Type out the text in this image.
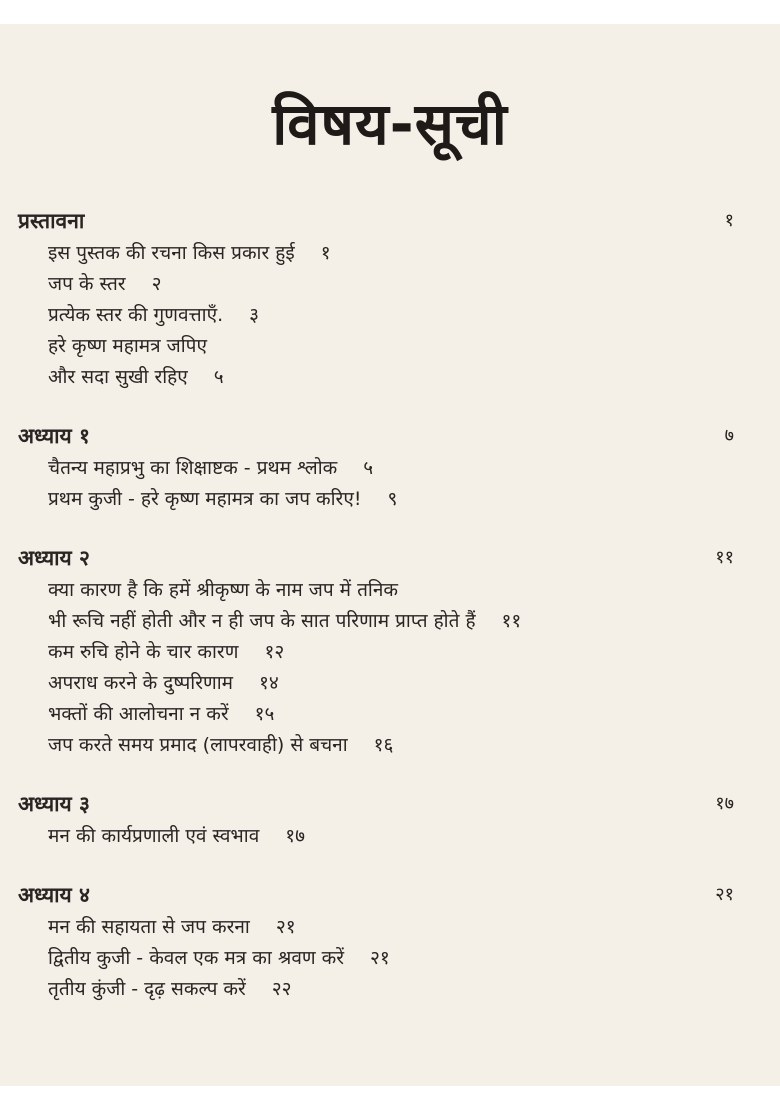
विषय-सूची
प्रस्तावना	१
इस पुस्तक की रचना किस प्रकार हुई १
जप के स्तर २
प्रत्येक स्तर की गुणवत्ताएँ. ३
हरे कृष्ण महामत्र जपिए
और सदा सुखी रहिए ५
अध्याय १	७
चैतन्य महाप्रभु का शिक्षाष्टक - प्रथम श्लोक ५
प्रथम कुजी - हरे कृष्ण महामत्र का जप करिए! ९
अध्याय २	११
क्या कारण है कि हमें श्रीकृष्ण के नाम जप में तनिक
भी रूचि नहीं होती और न ही जप के सात परिणाम प्राप्त होते हैं ११
कम रुचि होने के चार कारण १२
अपराध करने के दुष्परिणाम १४
भक्तों की आलोचना न करें १५
जप करते समय प्रमाद (लापरवाही) से बचना १६
अध्याय ३	१७
मन की कार्यप्रणाली एवं स्वभाव १७
अध्याय ४	२१
मन की सहायता से जप करना २१
द्वितीय कुजी - केवल एक मत्र का श्रवण करें २१
तृतीय कुंजी - दृढ़ सकल्प करें २२
